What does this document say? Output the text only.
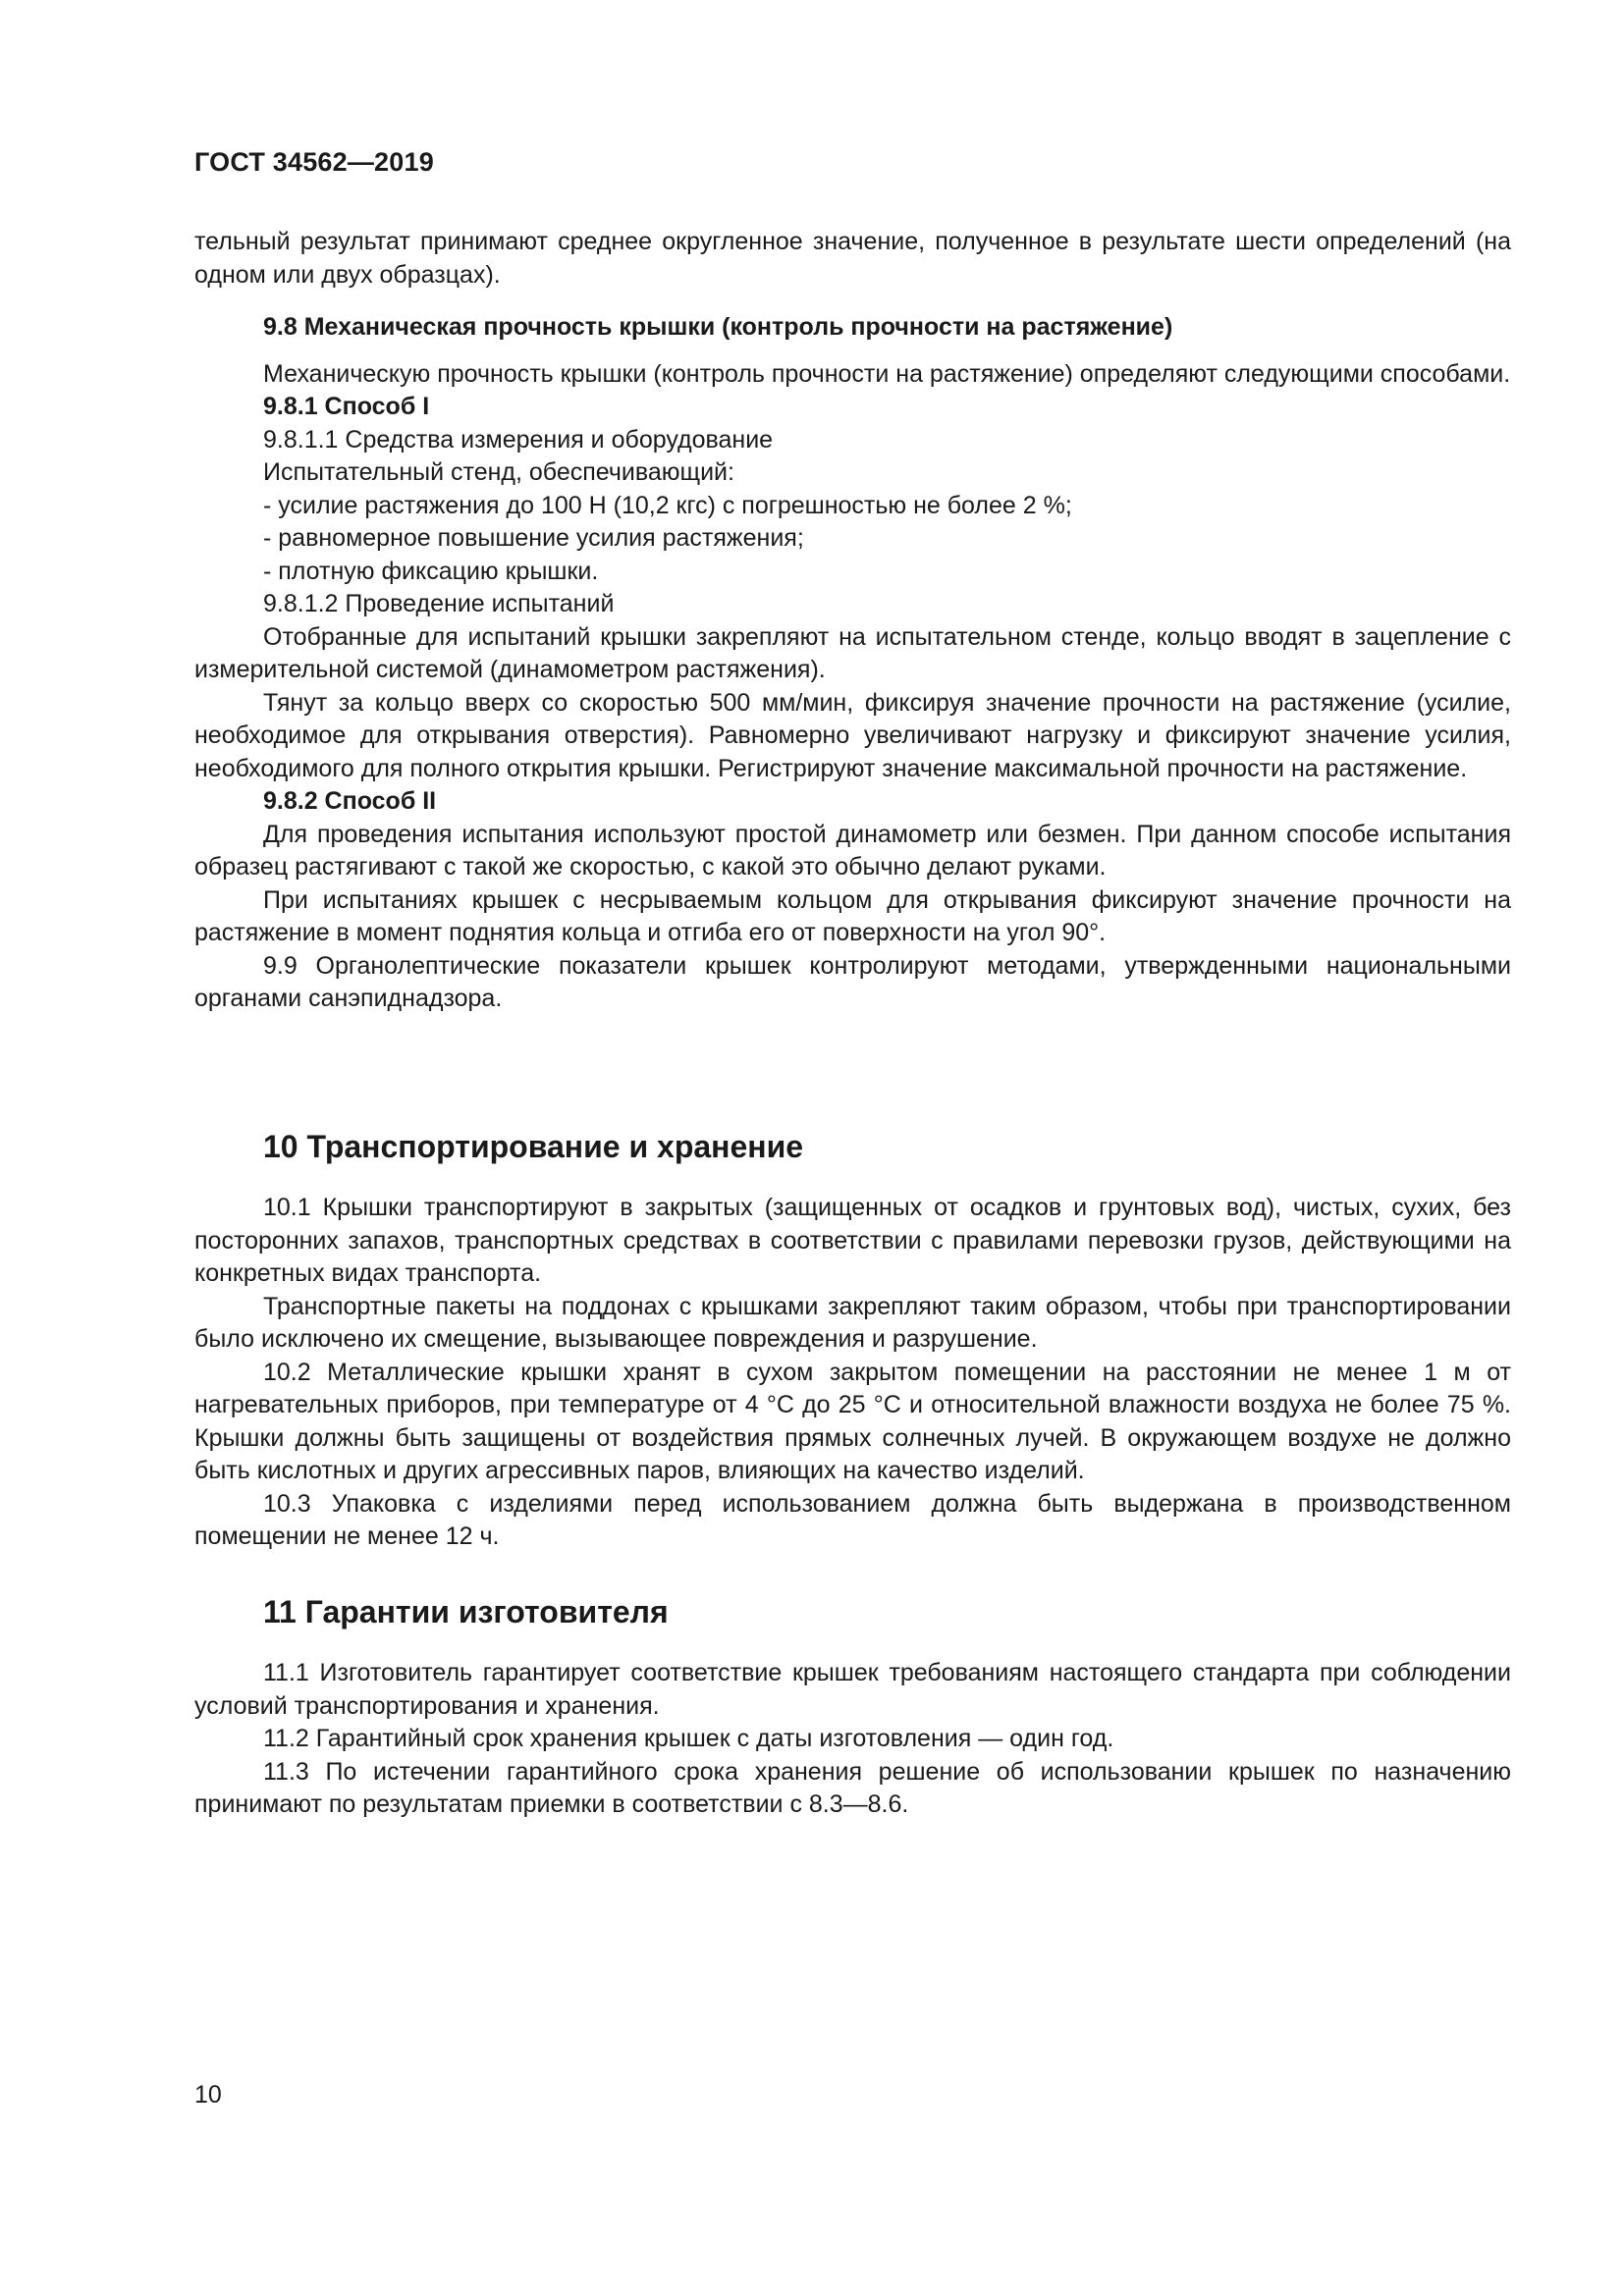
ГОСТ 34562—2019

тельный результат принимают среднее округленное значение, полученное в результате шести определений (на одном или двух образцах).

9.8 Механическая прочность крышки (контроль прочности на растяжение)

Механическую прочность крышки (контроль прочности на растяжение) определяют следующими способами.

9.8.1 Способ I

9.8.1.1 Средства измерения и оборудование

Испытательный стенд, обеспечивающий:

- усилие растяжения до 100 Н (10,2 кгс) с погрешностью не более 2 %;

- равномерное повышение усилия растяжения;

- плотную фиксацию крышки.

9.8.1.2 Проведение испытаний

Отобранные для испытаний крышки закрепляют на испытательном стенде, кольцо вводят в зацепление с измерительной системой (динамометром растяжения).

Тянут за кольцо вверх со скоростью 500 мм/мин, фиксируя значение прочности на растяжение (усилие, необходимое для открывания отверстия). Равномерно увеличивают нагрузку и фиксируют значение усилия, необходимого для полного открытия крышки. Регистрируют значение максимальной прочности на растяжение.

9.8.2 Способ II

Для проведения испытания используют простой динамометр или безмен. При данном способе испытания образец растягивают с такой же скоростью, с какой это обычно делают руками.

При испытаниях крышек с несрываемым кольцом для открывания фиксируют значение прочности на растяжение в момент поднятия кольца и отгиба его от поверхности на угол 90°.

9.9 Органолептические показатели крышек контролируют методами, утвержденными национальными органами санэпиднадзора.

10 Транспортирование и хранение

10.1 Крышки транспортируют в закрытых (защищенных от осадков и грунтовых вод), чистых, сухих, без посторонних запахов, транспортных средствах в соответствии с правилами перевозки грузов, действующими на конкретных видах транспорта.

Транспортные пакеты на поддонах с крышками закрепляют таким образом, чтобы при транспортировании было исключено их смещение, вызывающее повреждения и разрушение.

10.2 Металлические крышки хранят в сухом закрытом помещении на расстоянии не менее 1 м от нагревательных приборов, при температуре от 4 °С до 25 °С и относительной влажности воздуха не более 75 %. Крышки должны быть защищены от воздействия прямых солнечных лучей. В окружающем воздухе не должно быть кислотных и других агрессивных паров, влияющих на качество изделий.

10.3 Упаковка с изделиями перед использованием должна быть выдержана в производственном помещении не менее 12 ч.

11 Гарантии изготовителя

11.1 Изготовитель гарантирует соответствие крышек требованиям настоящего стандарта при соблюдении условий транспортирования и хранения.

11.2 Гарантийный срок хранения крышек с даты изготовления — один год.

11.3 По истечении гарантийного срока хранения решение об использовании крышек по назначению принимают по результатам приемки в соответствии с 8.3—8.6.

10
